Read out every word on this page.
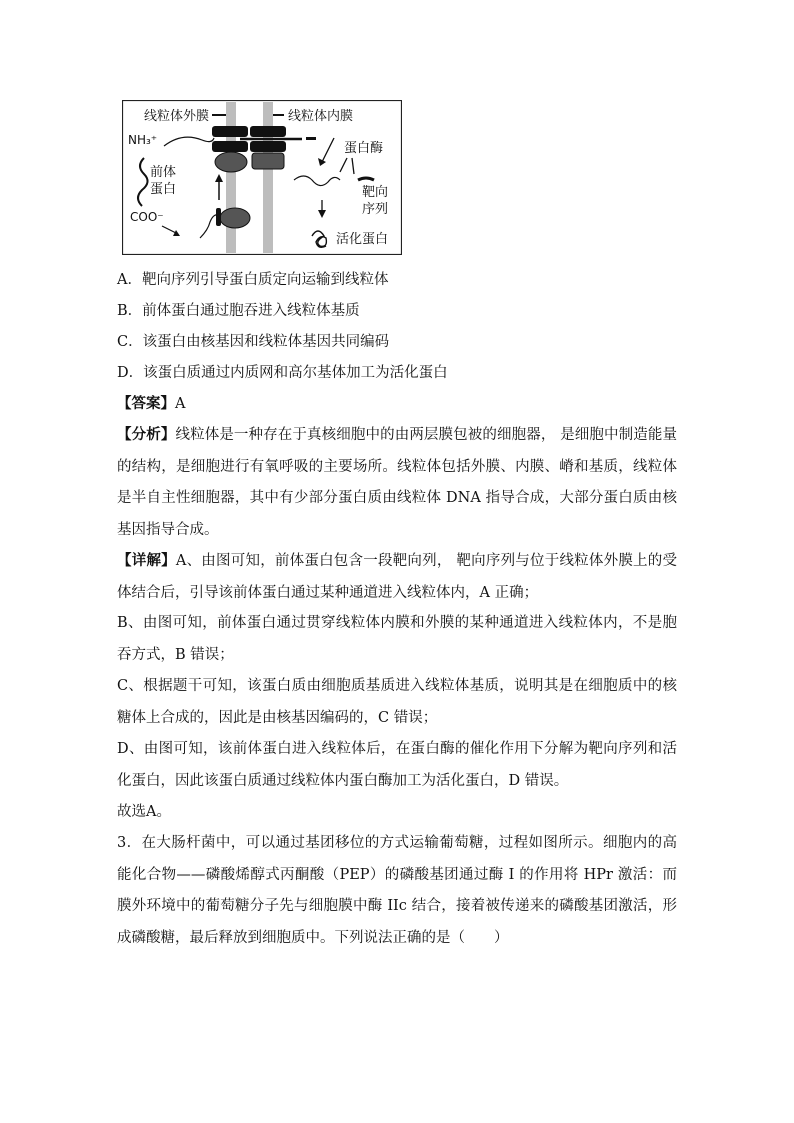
线粒体外膜	线粒体内膜
NH₃⁺
前体
蛋白
COO⁻
蛋白酶
靶向
序列
活化蛋白
A．靶向序列引导蛋白质定向运输到线粒体
B．前体蛋白通过胞吞进入线粒体基质
C．该蛋白由核基因和线粒体基因共同编码
D．该蛋白质通过内质网和高尔基体加工为活化蛋白
【答案】A
【分析】线粒体是一种存在于真核细胞中的由两层膜包被的细胞器， 是细胞中制造能量的结构，是细胞进行有氧呼吸的主要场所。线粒体包括外膜、内膜、嵴和基质，线粒体是半自主性细胞器，其中有少部分蛋白质由线粒体 DNA 指导合成，大部分蛋白质由核基因指导合成。
【详解】A、由图可知，前体蛋白包含一段靶向列， 靶向序列与位于线粒体外膜上的受体结合后，引导该前体蛋白通过某种通道进入线粒体内，A 正确；
B、由图可知，前体蛋白通过贯穿线粒体内膜和外膜的某种通道进入线粒体内，不是胞吞方式，B 错误；
C、根据题干可知，该蛋白质由细胞质基质进入线粒体基质，说明其是在细胞质中的核糖体上合成的，因此是由核基因编码的，C 错误；
D、由图可知，该前体蛋白进入线粒体后，在蛋白酶的催化作用下分解为靶向序列和活化蛋白，因此该蛋白质通过线粒体内蛋白酶加工为活化蛋白，D 错误。
故选A。
3．在大肠杆菌中，可以通过基团移位的方式运输葡萄糖，过程如图所示。细胞内的高能化合物——磷酸烯醇式丙酮酸（PEP）的磷酸基团通过酶 I 的作用将 HPr 激活：而膜外环境中的葡萄糖分子先与细胞膜中酶 IIc 结合，接着被传递来的磷酸基团激活，形成磷酸糖，最后释放到细胞质中。下列说法正确的是（　　）
